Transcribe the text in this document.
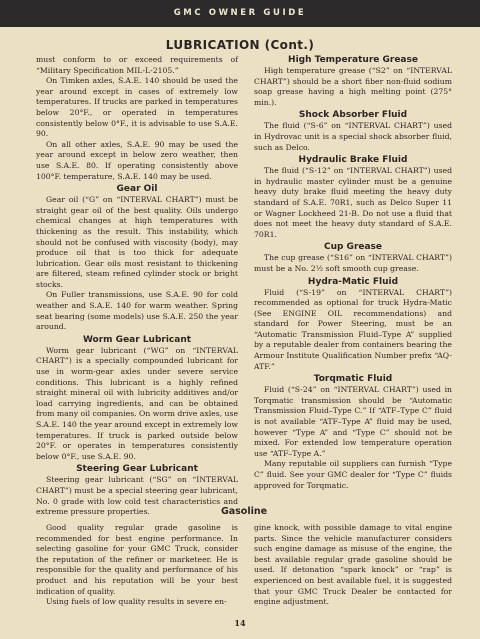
GMC OWNER GUIDE
LUBRICATION (Cont.)

must conform to or exceed requirements of “Military Specification MIL-L-2105.”

On Timken axles, S.A.E. 140 should be used the year around except in cases of extremely low temperatures. If trucks are parked in temperatures below 20°F., or operated in temperatures consistently below 0°F., it is advisable to use S.A.E. 90.

On all other axles, S.A.E. 90 may be used the year around except in below zero weather, then use S.A.E. 80. If operating consistently above 100°F. temperature, S.A.E. 140 may be used.

Gear Oil

Gear oil (“G” on “INTERVAL CHART”) must be straight gear oil of the best quality. Oils undergo chemical changes at high temperatures with thickening as the result. This instability, which should not be confused with viscosity (body), may produce oil that is too thick for adequate lubrication. Gear oils most resistant to thickening are filtered, steam refined cylinder stock or bright stocks.

On Fuller transmissions, use S.A.E. 90 for cold weather and S.A.E. 140 for warm weather. Spring seat bearing (some models) use S.A.E. 250 the year around.

Worm Gear Lubricant

Worm gear lubricant (“WG” on “INTERVAL CHART”) is a specially compounded lubricant for use in worm-gear axles under severe service conditions. This lubricant is a highly refined straight mineral oil with lubricity additives and/or load carrying ingredients, and can be obtained from many oil companies. On worm drive axles, use S.A.E. 140 the year around except in extremely low temperatures. If truck is parked outside below 20°F. or operates in temperatures consistently below 0°F., use S.A.E. 90.

Steering Gear Lubricant

Steering gear lubricant (“SG” on “INTERVAL CHART”) must be a special steering gear lubricant, No. 0 grade with low cold test characteristics and extreme pressure properties.

High Temperature Grease

High temperature grease (“S2” on “INTERVAL CHART”) should be a short fiber non-fluid sodium soap grease having a high melting point (275° min.).

Shock Absorber Fluid

The fluid (“S-6” on “INTERVAL CHART”) used in Hydrovac unit is a special shock absorber fluid, such as Delco.

Hydraulic Brake Fluid

The fluid (“S-12” on “INTERVAL CHART”) used in hydraulic master cylinder must be a genuine heavy duty brake fluid meeting the heavy duty standard of S.A.E. 70R1, such as Delco Super 11 or Wagner Lockheed 21-B. Do not use a fluid that does not meet the heavy duty standard of S.A.E. 70R1.

Cup Grease

The cup grease (“S16” on “INTERVAL CHART”) must be a No. 2½ soft smooth cup grease.

Hydra-Matic Fluid

Fluid (“S-19” on “INTERVAL CHART”) recommended as optional for truck Hydra-Matic (See ENGINE OIL recommendations) and standard for Power Steering, must be an “Automatic Transmission Fluid–Type A” supplied by a reputable dealer from containers bearing the Armour Institute Qualification Number prefix “AQ-ATF.”

Torqmatic Fluid

Fluid (“S-24” on “INTERVAL CHART”) used in Torqmatic transmission should be “Automatic Transmission Fluid–Type C.” If “ATF–Type C” fluid is not available “ATF–Type A” fluid may be used, however “Type A” and “Type C” should not be mixed. For extended low temperature operation use “ATF–Type A.”

Many reputable oil suppliers can furnish “Type C” fluid. See your GMC dealer for “Type C” fluids approved for Torqmatic.

Gasoline

Good quality regular grade gasoline is recommended for best engine performance. In selecting gasoline for your GMC Truck, consider the reputation of the refiner or marketeer. He is responsible for the quality and performance of his product and his reputation will be your best indication of quality.

Using fuels of low quality results in severe en-

gine knock, with possible damage to vital engine parts. Since the vehicle manufacturer considers such engine damage as misuse of the engine, the best available regular grade gasoline should be used. If detonation “spark knock” or “rap” is experienced on best available fuel, it is suggested that your GMC Truck Dealer be contacted for engine adjustment.

14
